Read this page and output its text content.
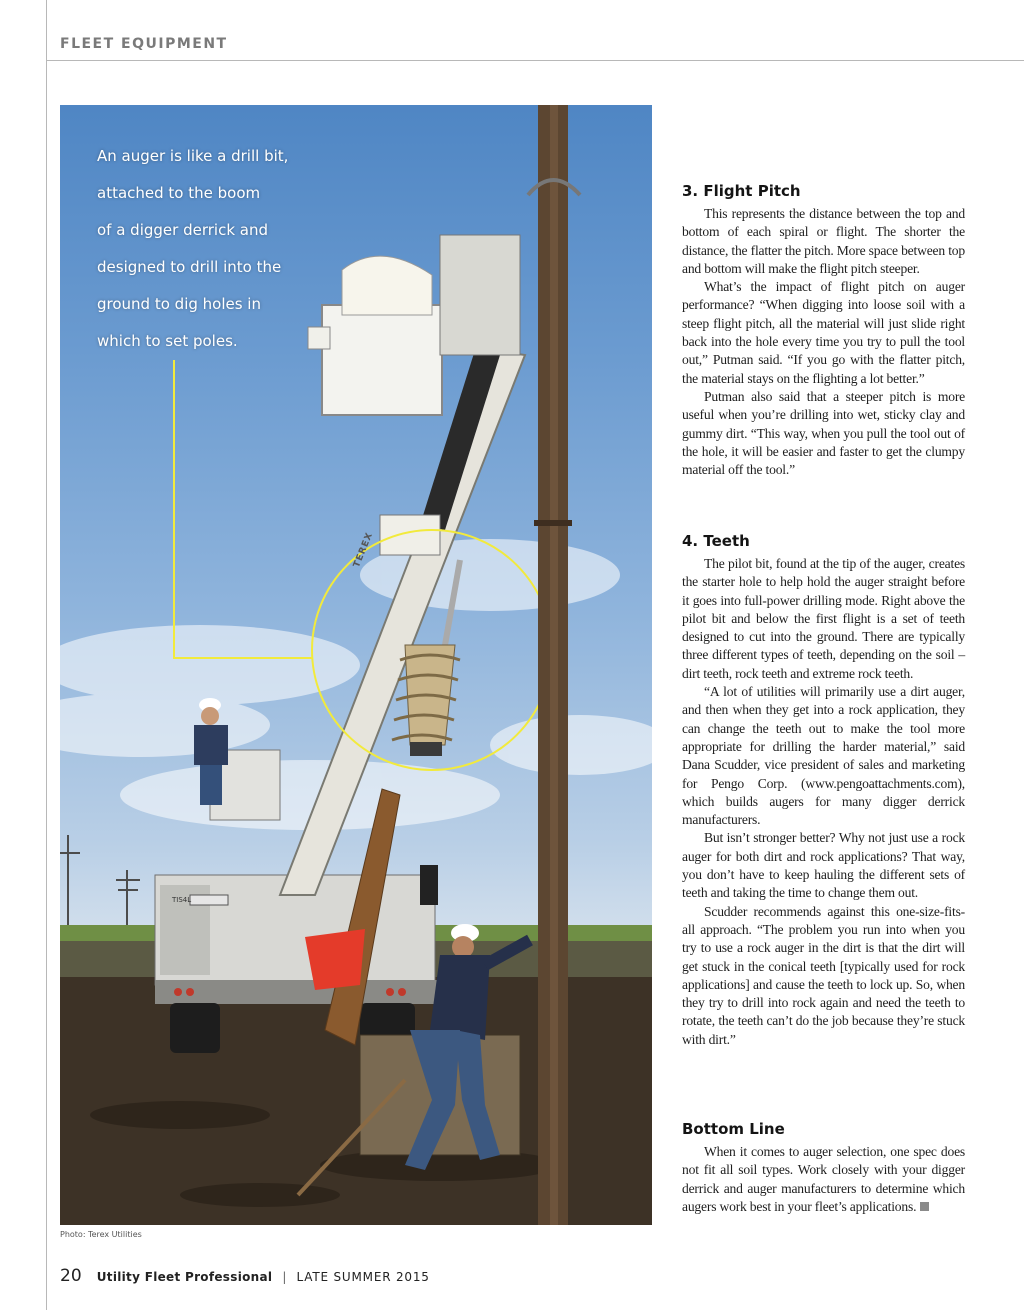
FLEET EQUIPMENT
An auger is like a drill bit,
attached to the boom
of a digger derrick and
designed to drill into the
ground to dig holes in
which to set poles.
TEREX
TIS4L
Photo: Terex Utilities
3. Flight Pitch

This represents the distance between the top and bottom of each spiral or flight. The shorter the distance, the flatter the pitch. More space between top and bottom will make the flight pitch steeper.

What’s the impact of flight pitch on auger performance? “When digging into loose soil with a steep flight pitch, all the material will just slide right back into the hole every time you try to pull the tool out,” Putman said. “If you go with the flatter pitch, the material stays on the flighting a lot better.”

Putman also said that a steeper pitch is more useful when you’re drilling into wet, sticky clay and gummy dirt. “This way, when you pull the tool out of the hole, it will be easier and faster to get the clumpy material off the tool.”

4. Teeth

The pilot bit, found at the tip of the auger, creates the starter hole to help hold the auger straight before it goes into full-power drilling mode. Right above the pilot bit and below the first flight is a set of teeth designed to cut into the ground. There are typically three different types of teeth, depending on the soil – dirt teeth, rock teeth and extreme rock teeth.

“A lot of utilities will primarily use a dirt auger, and then when they get into a rock application, they can change the teeth out to make the tool more appropriate for drilling the harder material,” said Dana Scudder, vice president of sales and marketing for Pengo Corp. (www.pengoattachments.com), which builds augers for many digger derrick manufacturers.

But isn’t stronger better? Why not just use a rock auger for both dirt and rock applications? That way, you don’t have to keep hauling the different sets of teeth and taking the time to change them out.

Scudder recommends against this one-size-fits-all approach. “The problem you run into when you try to use a rock auger in the dirt is that the dirt will get stuck in the conical teeth [typically used for rock applications] and cause the teeth to lock up. So, when they try to drill into rock again and need the teeth to rotate, the teeth can’t do the job because they’re stuck with dirt.”

Bottom Line

When it comes to auger selection, one spec does not fit all soil types. Work closely with your digger derrick and auger manufacturers to determine which augers work best in your fleet’s applications.

20 Utility Fleet Professional | LATE SUMMER 2015
